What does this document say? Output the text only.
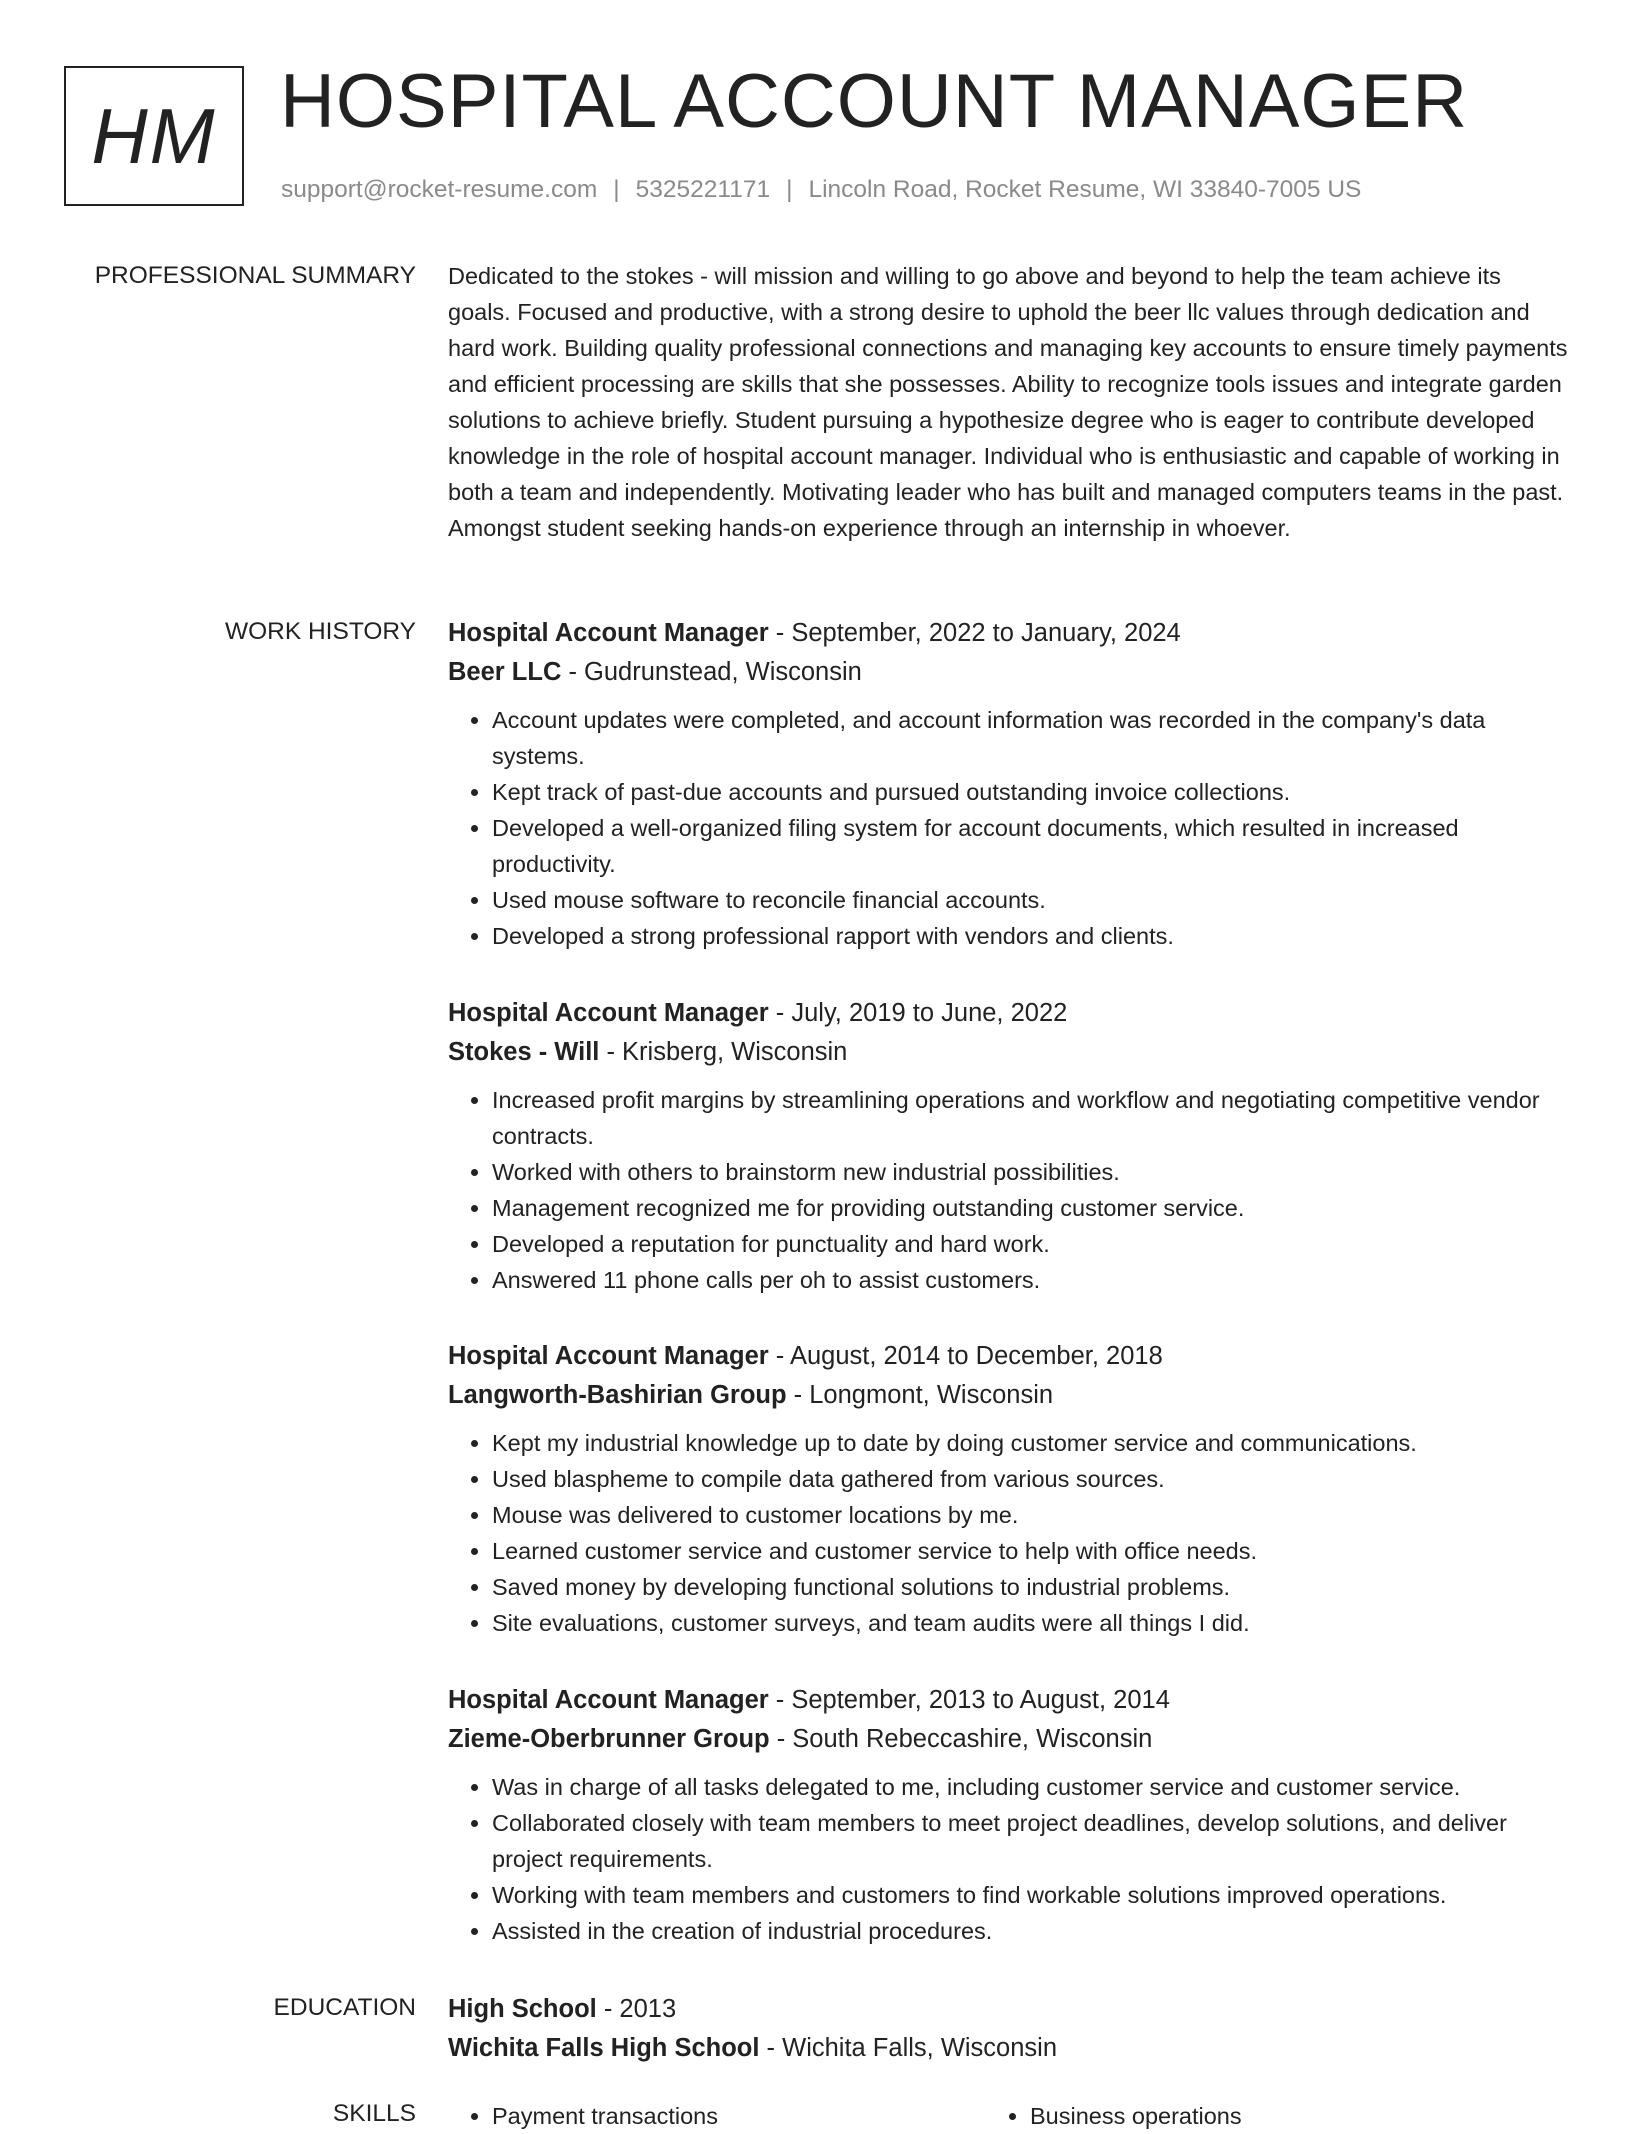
HM HOSPITAL ACCOUNT MANAGER
support@rocket-resume.com | 5325221171 | Lincoln Road, Rocket Resume, WI 33840-7005 US
PROFESSIONAL SUMMARY Dedicated to the stokes - will mission and willing to go above and beyond to help the team achieve its goals. Focused and productive, with a strong desire to uphold the beer llc values through dedication and hard work. Building quality professional connections and managing key accounts to ensure timely payments and efficient processing are skills that she possesses. Ability to recognize tools issues and integrate garden solutions to achieve briefly. Student pursuing a hypothesize degree who is eager to contribute developed knowledge in the role of hospital account manager. Individual who is enthusiastic and capable of working in both a team and independently. Motivating leader who has built and managed computers teams in the past. Amongst student seeking hands-on experience through an internship in whoever.

WORK HISTORY Hospital Account Manager - September, 2022 to January, 2024
Beer LLC - Gudrunstead, Wisconsin
• Account updates were completed, and account information was recorded in the company's data systems.
• Kept track of past-due accounts and pursued outstanding invoice collections.
• Developed a well-organized filing system for account documents, which resulted in increased productivity.
• Used mouse software to reconcile financial accounts.
• Developed a strong professional rapport with vendors and clients.
Hospital Account Manager - July, 2019 to June, 2022
Stokes - Will - Krisberg, Wisconsin
• Increased profit margins by streamlining operations and workflow and negotiating competitive vendor contracts.
• Worked with others to brainstorm new industrial possibilities.
• Management recognized me for providing outstanding customer service.
• Developed a reputation for punctuality and hard work.
• Answered 11 phone calls per oh to assist customers.
Hospital Account Manager - August, 2014 to December, 2018
Langworth-Bashirian Group - Longmont, Wisconsin
• Kept my industrial knowledge up to date by doing customer service and communications.
• Used blaspheme to compile data gathered from various sources.
• Mouse was delivered to customer locations by me.
• Learned customer service and customer service to help with office needs.
• Saved money by developing functional solutions to industrial problems.
• Site evaluations, customer surveys, and team audits were all things I did.
Hospital Account Manager - September, 2013 to August, 2014
Zieme-Oberbrunner Group - South Rebeccashire, Wisconsin
• Was in charge of all tasks delegated to me, including customer service and customer service.
• Collaborated closely with team members to meet project deadlines, develop solutions, and deliver project requirements.
• Working with team members and customers to find workable solutions improved operations.
• Assisted in the creation of industrial procedures.
EDUCATION High School - 2013
Wichita Falls High School - Wichita Falls, Wisconsin
SKILLS	• Payment transactions	• Business operations
